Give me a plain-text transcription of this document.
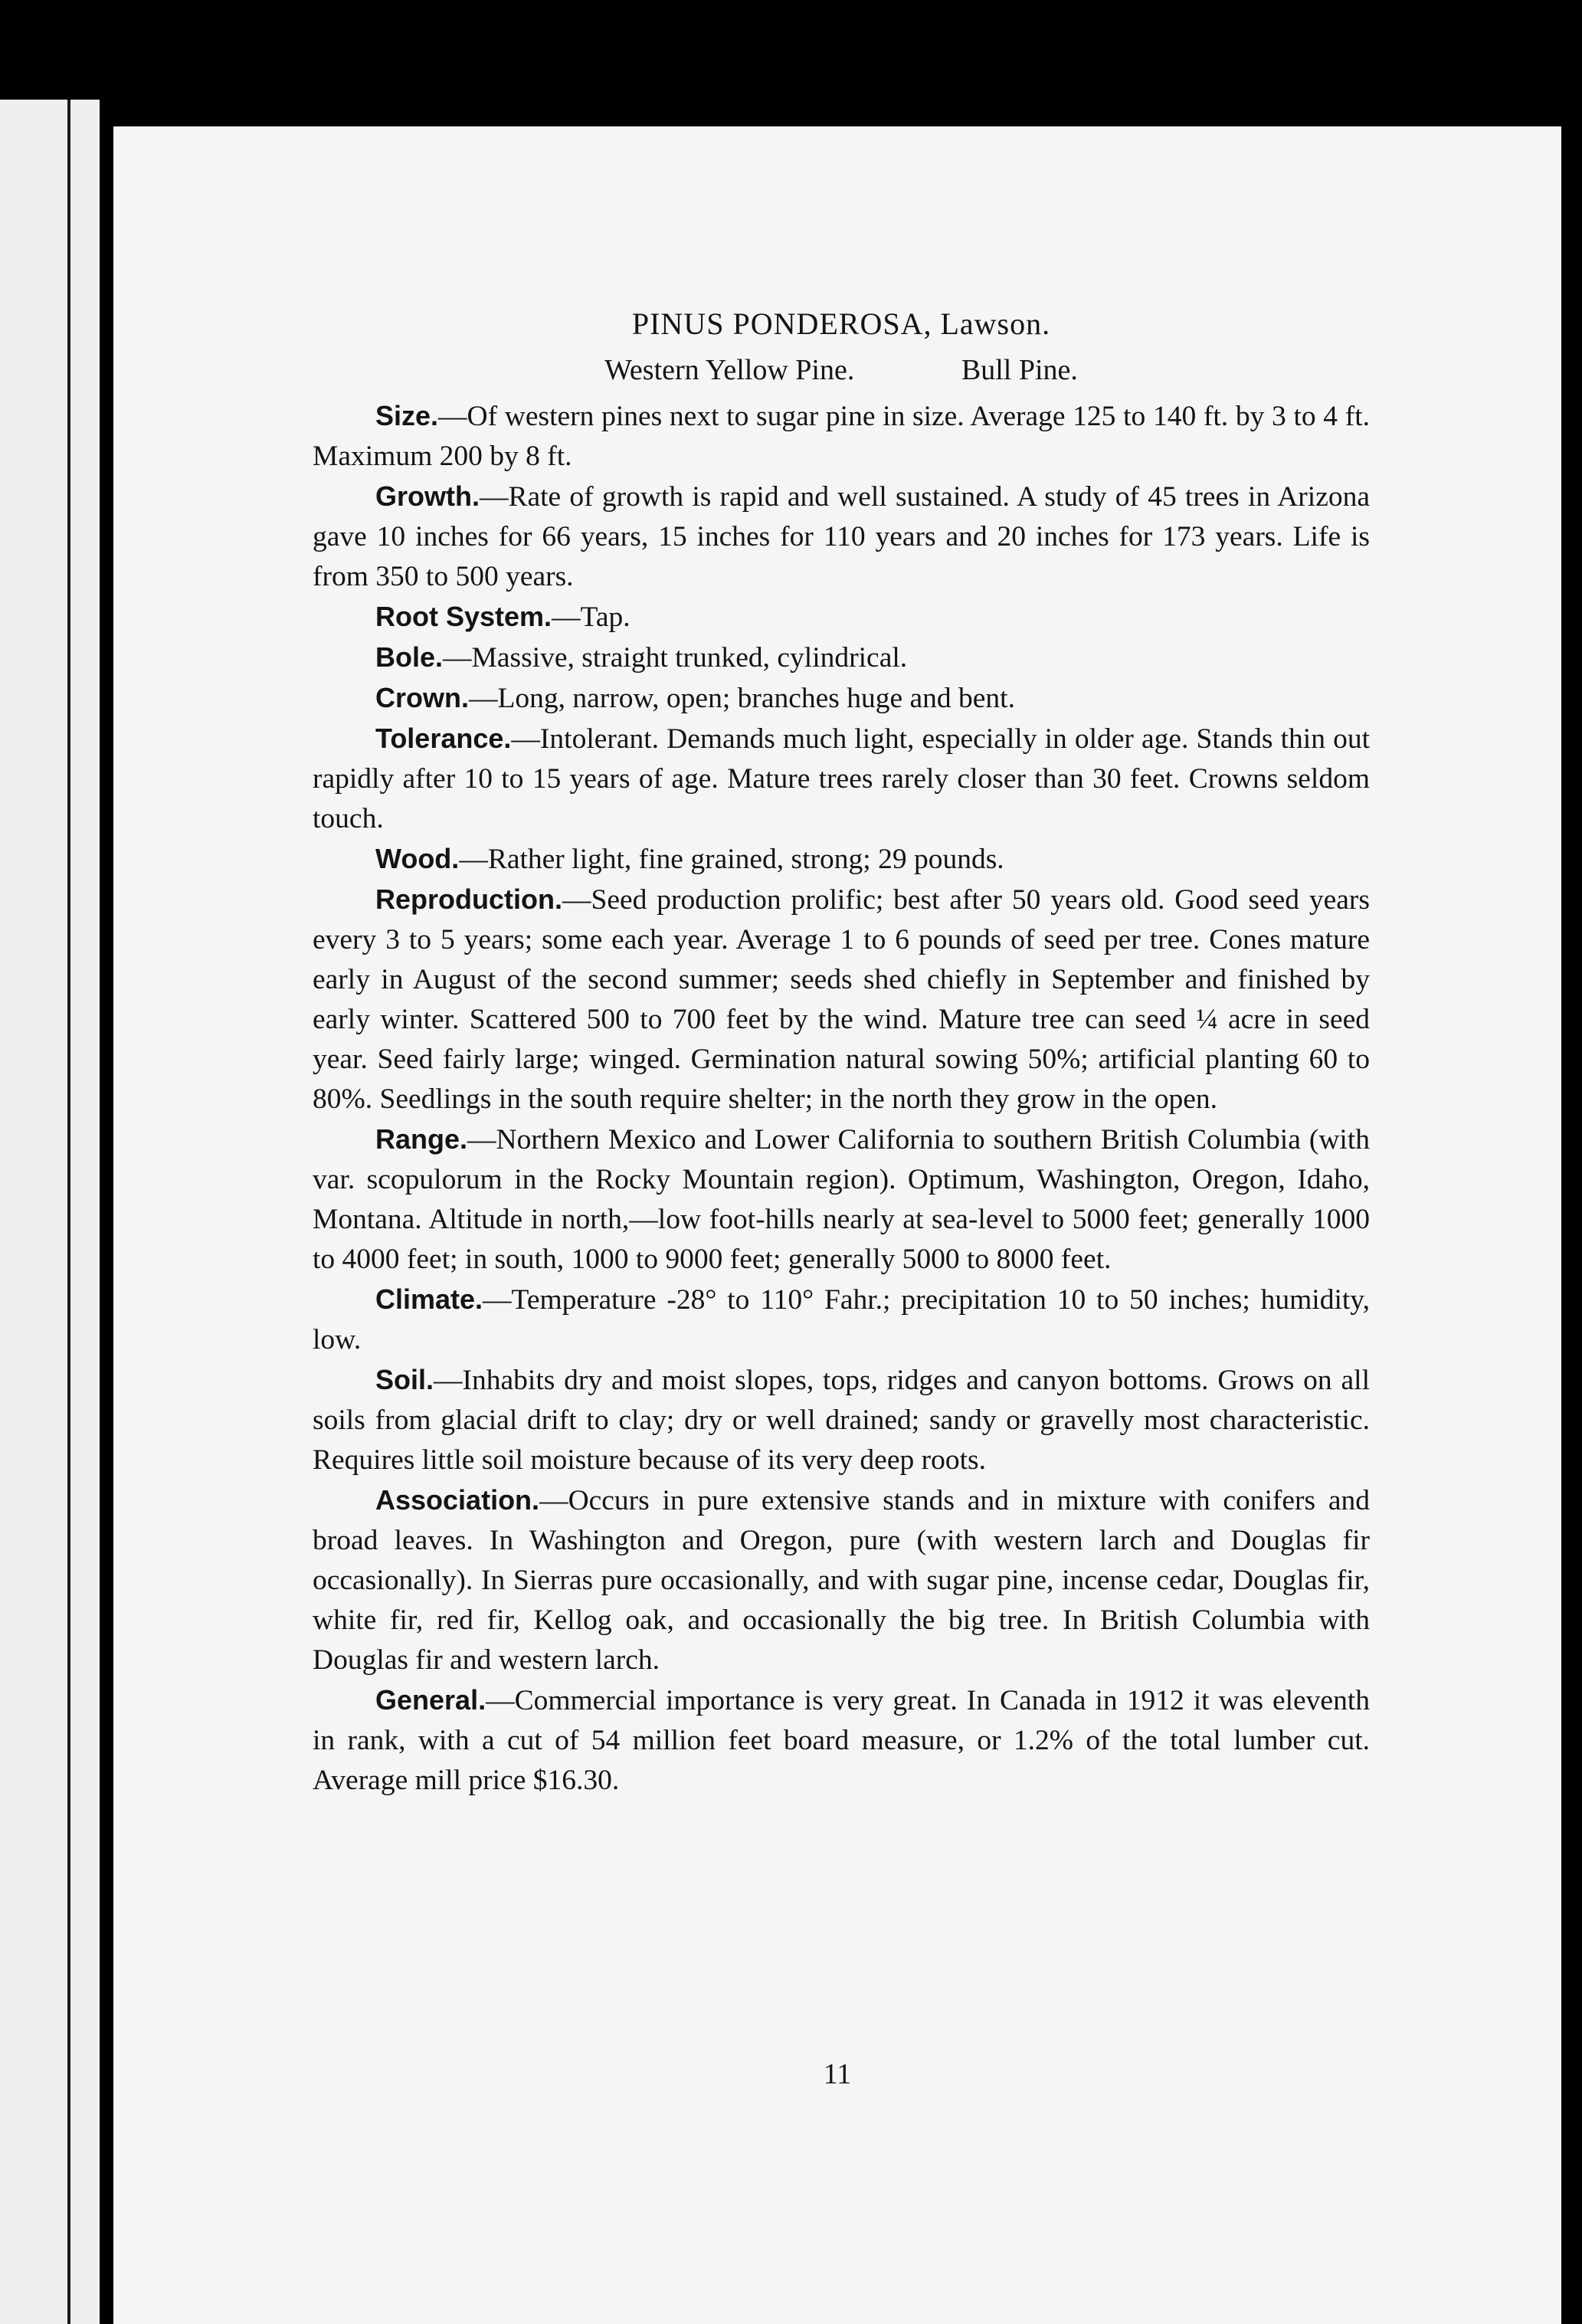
PINUS PONDEROSA, Lawson.
Western Yellow Pine.	Bull Pine.

Size.—Of western pines next to sugar pine in size. Average 125 to 140 ft. by 3 to 4 ft. Maximum 200 by 8 ft.

Growth.—Rate of growth is rapid and well sustained. A study of 45 trees in Arizona gave 10 inches for 66 years, 15 inches for 110 years and 20 inches for 173 years. Life is from 350 to 500 years.

Root System.—Tap.

Bole.—Massive, straight trunked, cylindrical.

Crown.—Long, narrow, open; branches huge and bent.

Tolerance.—Intolerant. Demands much light, especially in older age. Stands thin out rapidly after 10 to 15 years of age. Mature trees rarely closer than 30 feet. Crowns seldom touch.

Wood.—Rather light, fine grained, strong; 29 pounds.

Reproduction.—Seed production prolific; best after 50 years old. Good seed years every 3 to 5 years; some each year. Average 1 to 6 pounds of seed per tree. Cones mature early in August of the second summer; seeds shed chiefly in September and finished by early winter. Scattered 500 to 700 feet by the wind. Mature tree can seed ¼ acre in seed year. Seed fairly large; winged. Germination natural sowing 50%; artificial planting 60 to 80%. Seedlings in the south require shelter; in the north they grow in the open.

Range.—Northern Mexico and Lower California to southern British Columbia (with var. scopulorum in the Rocky Mountain region). Optimum, Washington, Oregon, Idaho, Montana. Altitude in north,—low foot-hills nearly at sea-level to 5000 feet; generally 1000 to 4000 feet; in south, 1000 to 9000 feet; generally 5000 to 8000 feet.

Climate.—Temperature -28° to 110° Fahr.; precipitation 10 to 50 inches; humidity, low.

Soil.—Inhabits dry and moist slopes, tops, ridges and canyon bottoms. Grows on all soils from glacial drift to clay; dry or well drained; sandy or gravelly most characteristic. Requires little soil moisture because of its very deep roots.

Association.—Occurs in pure extensive stands and in mixture with conifers and broad leaves. In Washington and Oregon, pure (with western larch and Douglas fir occasionally). In Sierras pure occasionally, and with sugar pine, incense cedar, Douglas fir, white fir, red fir, Kellog oak, and occasionally the big tree. In British Columbia with Douglas fir and western larch.

General.—Commercial importance is very great. In Canada in 1912 it was eleventh in rank, with a cut of 54 million feet board measure, or 1.2% of the total lumber cut. Average mill price $16.30.

11
